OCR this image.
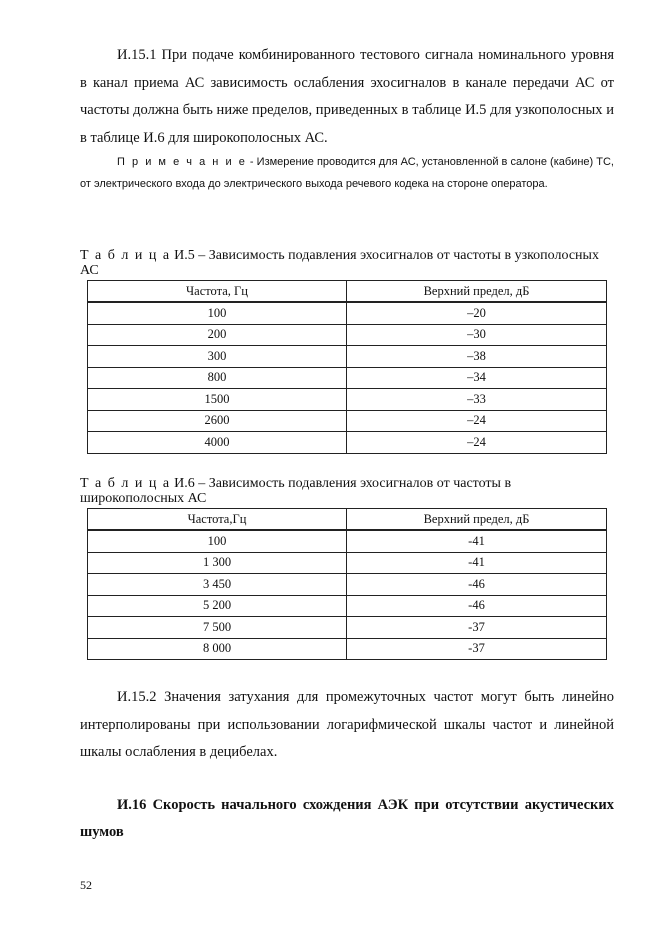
И.15.1 При подаче комбинированного тестового сигнала номинального уровня в канал приема АС зависимость ослабления эхосигналов в канале передачи АС от частоты должна быть ниже пределов, приведенных в таблице И.5 для узкополосных и в таблице И.6 для широкополосных АС.

П р и м е ч а н и е - Измерение проводится для АС, установленной в салоне (кабине) ТС, от электрического входа до электрического выхода речевого кодека на стороне оператора.

Т а б л и ц а И.5 – Зависимость подавления эхосигналов от частоты в узкополосных АС

Частота, Гц	Верхний предел, дБ
100	–20
200	–30
300	–38
800	–34
1500	–33
2600	–24
4000	–24

Т а б л и ц а И.6 – Зависимость подавления эхосигналов от частоты в широкополосных АС

Частота,Гц	Верхний предел, дБ
100	-41
1 300	-41
3 450	-46
5 200	-46
7 500	-37
8 000	-37

И.15.2 Значения затухания для промежуточных частот могут быть линейно интерполированы при использовании логарифмической шкалы частот и линейной шкалы ослабления в децибелах.

И.16 Скорость начального схождения АЭК при отсутствии акустических шумов

52
